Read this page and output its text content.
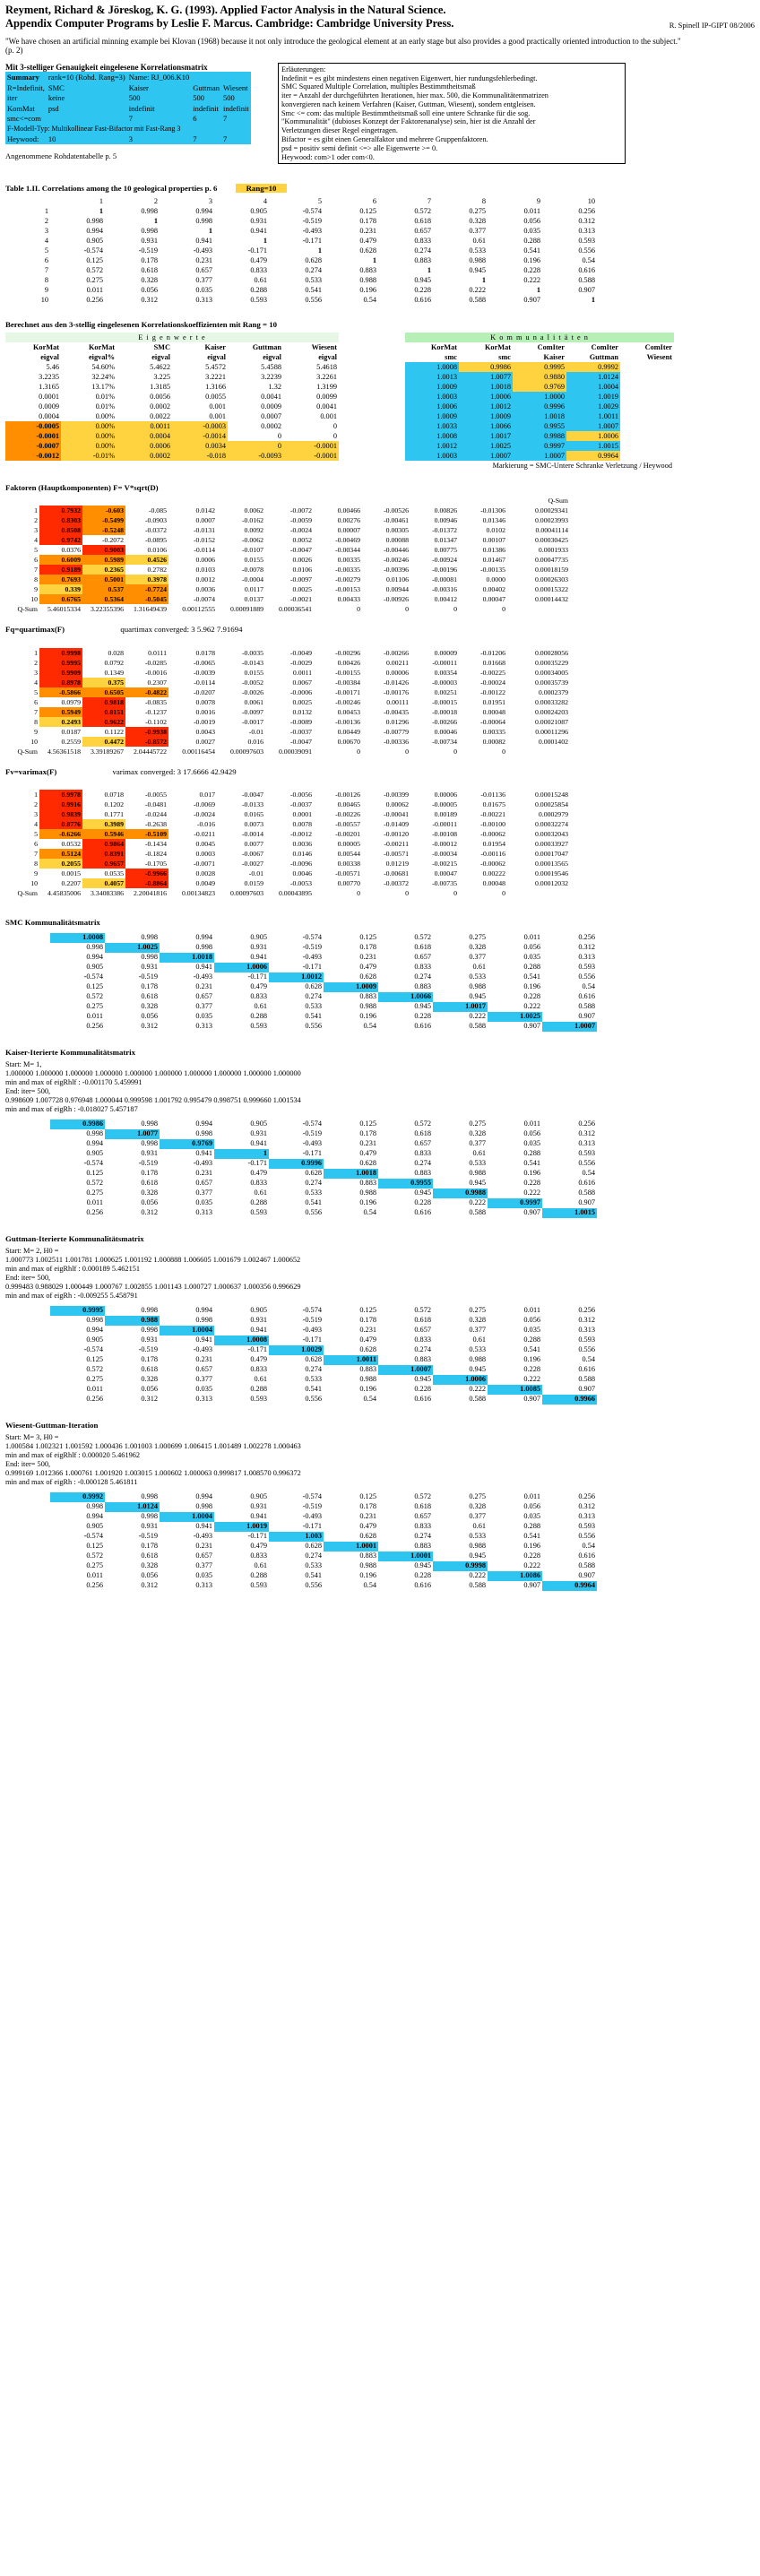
Reyment, Richard & Jöreskog, K. G. (1993). Applied Factor Analysis in the Natural Science.
Appendix Computer Programs by Leslie F. Marcus. Cambridge: Cambridge University Press.	R. Spinell IP-GIPT 08/2006
"We have chosen an artificial minning example bei Klovan (1968) because it not only introduce the geological element at an early stage but also provides a good practically oriented introduction to the subject." (p. 2)
Mit 3-stelliger Genauigkeit eingelesene Korrelationsmatrix
Summary	rank=10 (Rohd. Rang=3)	Name: RJ_006.K10		
R=Indefinit,	SMC	Kaiser	Guttman	Wiesent
iter	keine	500	500	500
KomMat	psd	indefinit	indefinit	indefinit
smc<=com		7	6	7
F-Modell-Typ: Multikollinear Fast-Bifactor mit Fast-Rang 3				
Heywood:	10	3	7	7
Angenommene Rohdatentabelle p. 5
Erläuterungen:
Indefinit = es gibt mindestens einen negativen Eigenwert, hier rundungsfehlerbedingt.
SMC Squared Multiple Correlation, multiples Bestimmtheitsmaß
iter = Anzahl der durchgeführten Iterationen, hier max. 500, die Kommunalitätenmatrizen
konvergieren nach keinem Verfahren (Kaiser, Guttman, Wiesent), sondern entgleisen.
Smc <= com: das multiple Bestimmtheitsmaß soll eine untere Schranke für die sog.
"Kommunalität" (dubioses Konzept der Faktorenanalyse) sein, hier ist die Anzahl der
Verletzungen dieser Regel eingetragen.
Bifactor = es gibt einen Generalfaktor und mehrere Gruppenfaktoren.
psd = positiv semi definit <=> alle Eigenwerte >= 0.
Heywood: com>1 oder com<0.
Table 1.II. Correlations among the 10 geological properties p. 6	Rang=10
	1	2	3	4	5	6	7	8	9	10
1	1	0.998	0.994	0.905	-0.574	0.125	0.572	0.275	0.011	0.256
2	0.998	1	0.998	0.931	-0.519	0.178	0.618	0.328	0.056	0.312
3	0.994	0.998	1	0.941	-0.493	0.231	0.657	0.377	0.035	0.313
4	0.905	0.931	0.941	1	-0.171	0.479	0.833	0.61	0.288	0.593
5	-0.574	-0.519	-0.493	-0.171	1	0.628	0.274	0.533	0.541	0.556
6	0.125	0.178	0.231	0.479	0.628	1	0.883	0.988	0.196	0.54
7	0.572	0.618	0.657	0.833	0.274	0.883	1	0.945	0.228	0.616
8	0.275	0.328	0.377	0.61	0.533	0.988	0.945	1	0.222	0.588
9	0.011	0.056	0.035	0.288	0.541	0.196	0.228	0.222	1	0.907
10	0.256	0.312	0.313	0.593	0.556	0.54	0.616	0.588	0.907	1
Berechnet aus den 3-stellig eingelesenen Korrelationskoeffizienten mit Rang = 10
E i g e n w e r t e							K o m m u n a l i t ä t e n				
KorMat	KorMat	SMC	Kaiser	Guttman	Wiesent		KorMat	KorMat	ComIter	ComIter	ComIter
eigval	eigval%	eigval	eigval	eigval	eigval		smc	smc	Kaiser	Guttman	Wiesent
5.46	54.60%	5.4622	5.4572	5.4588	5.4618		1.0008	0.9986	0.9995	0.9992	
3.2235	32.24%	3.225	3.2221	3.2239	3.2261		1.0013	1.0077	0.9880	1.0124	
1.3165	13.17%	1.3185	1.3166	1.32	1.3199		1.0009	1.0018	0.9769	1.0004	
0.0001	0.01%	0.0056	0.0055	0.0041	0.0099		1.0003	1.0006	1.0000	1.0019	
0.0009	0.01%	0.0002	0.001	0.0009	0.0041		1.0006	1.0012	0.9996	1.0029	
0.0004	0.00%	0.0022	0.001	0.0007	0.001		1.0009	1.0009	1.0018	1.0011	
-0.0005	0.00%	0.0011	-0.0003	0.0002	0		1.0033	1.0066	0.9955	1.0007	
-0.0001	0.00%	0.0004	-0.0014	0	0		1.0008	1.0017	0.9988	1.0006	
-0.0007	0.00%	0.0006	0.0034	0	-0.0001		1.0012	1.0025	0.9997	1.0015	
-0.0012	-0.01%	0.0002	-0.018	-0.0093	-0.0001		1.0003	1.0007	1.0007	0.9964	
							Markierung = SMC-Untere Schranke Verletzung / Heywood				
Faktoren (Hauptkomponenten) F= V*sqrt(D)
											Q-Sum
1	0.7932	-0.603	-0.085	0.0142	0.0062	-0.0072	0.00466	-0.00526	0.00826	-0.01306	0.00029341
2	0.8303	-0.5499	-0.0903	0.0007	-0.0162	-0.0059	0.00276	-0.00461	0.00946	0.01346	0.00023993
3	0.8508	-0.5248	-0.0372	-0.0131	0.0092	-0.0024	0.00007	0.00305	-0.01372	0.0102	0.00041114
4	0.9742	-0.2072	-0.0895	-0.0152	-0.0062	0.0052	-0.00469	0.00088	0.01347	0.00107	0.00030425
5	0.0376	0.9003	0.0106	-0.0114	-0.0107	-0.0047	-0.00344	-0.00446	0.00775	0.01386	0.0001933
6	0.6009	0.5989	0.4526	0.0006	0.0155	0.0026	0.00335	-0.00246	-0.00924	0.01467	0.00047735
7	0.9189	0.2365	0.2782	0.0103	-0.0078	0.0106	-0.00335	-0.00396	-0.00196	-0.00135	0.00018159
8	0.7693	0.5001	0.3978	0.0012	-0.0004	-0.0097	-0.00279	0.01106	-0.00081	0.0000	0.00026303
9	0.339	0.537	-0.7724	0.0036	0.0117	0.0025	-0.00153	0.00944	-0.00316	0.00402	0.00015322
10	0.6765	0.5364	-0.5045	-0.0074	0.0137	-0.0021	0.00433	-0.00926	0.00412	0.00047	0.00014432
Q-Sum	5.46015334	3.22355396	1.31649439	0.00112555	0.00091889	0.00036541	0	0	0	0	
Fq=quartimax(F)	quartimax converged: 3 5.962 7.91694

1	0.9998	0.028	0.0111	0.0178	-0.0035	-0.0049	-0.00296	-0.00266	0.00009	-0.01206	0.00028056
2	0.9995	0.0792	-0.0285	-0.0065	-0.0143	-0.0029	0.00426	0.00211	-0.00011	0.01668	0.00035229
3	0.9909	0.1349	-0.0016	-0.0039	0.0155	0.0011	-0.00155	0.00006	0.00354	-0.00225	0.00034005
4	0.8978	0.375	0.2307	-0.0114	-0.0052	0.0067	-0.00384	-0.01426	-0.00003	-0.00024	0.00035739
5	-0.5866	0.6505	-0.4822	-0.0207	-0.0026	-0.0006	-0.00171	-0.00176	0.00251	-0.00122	0.0002379
6	0.0979	0.9818	-0.0835	0.0078	0.0061	0.0025	-0.00246	0.00111	-0.00015	0.01951	0.00033282
7	0.5949	0.8151	-0.1237	0.0016	-0.0097	0.0132	0.00453	-0.00435	-0.00018	0.00048	0.00024203
8	0.2493	0.9622	-0.1102	-0.0019	-0.0017	-0.0089	-0.00136	0.01296	-0.00266	-0.00064	0.00021087
9	0.0187	0.1122	-0.9938	0.0043	-0.01	-0.0037	0.00449	-0.00779	0.00046	0.00335	0.00011296
10	0.2559	0.4472	-0.8572	0.0027	0.016	-0.0047	0.00670	-0.00336	-0.00734	0.00082	0.0001402
Q-Sum	4.56361518	3.39189267	2.04445722	0.00116454	0.00097603	0.00039091	0	0	0	0	
Fv=varimax(F)	varimax converged: 3 17.6666 42.9429

1	0.9978	0.0718	-0.0055	0.017	-0.0047	-0.0056	-0.00126	-0.00399	0.00006	-0.01136	0.00015248
2	0.9916	0.1202	-0.0481	-0.0069	-0.0133	-0.0037	0.00465	0.00062	-0.00005	0.01675	0.00025854
3	0.9839	0.1771	-0.0244	-0.0024	0.0165	0.0001	-0.00226	-0.00041	0.00189	-0.00221	0.0002979
4	0.8776	0.3989	-0.2638	-0.016	0.0073	0.0078	-0.00557	-0.01409	-0.00011	-0.00100	0.00032274
5	-0.6266	0.5946	-0.5109	-0.0211	-0.0014	-0.0012	-0.00201	-0.00120	-0.00108	-0.00062	0.00032043
6	0.0532	0.9864	-0.1434	0.0045	0.0077	0.0036	0.00005	-0.00211	-0.00012	0.01954	0.00033927
7	0.5124	0.8391	-0.1824	0.0003	-0.0067	0.0146	0.00544	-0.00571	-0.00034	-0.00116	0.00017047
8	0.2055	0.9657	-0.1705	-0.0071	-0.0027	-0.0096	0.00338	0.01219	-0.00215	-0.00062	0.00013565
9	0.0015	0.0535	-0.9966	0.0028	-0.01	0.0046	-0.00571	-0.00681	0.00047	0.00222	0.00019546
10	0.2207	0.4057	-0.8864	0.0049	0.0159	-0.0053	0.00770	-0.00372	-0.00735	0.00048	0.00012032
Q-Sum	4.45835006	3.34083386	2.20041816	0.00134823	0.00097603	0.00043895	0	0	0	0	
SMC Kommunalitätsmatrix
	1.0008	0.998	0.994	0.905	-0.574	0.125	0.572	0.275	0.011	0.256
	0.998	1.0025	0.998	0.931	-0.519	0.178	0.618	0.328	0.056	0.312
	0.994	0.998	1.0018	0.941	-0.493	0.231	0.657	0.377	0.035	0.313
	0.905	0.931	0.941	1.0006	-0.171	0.479	0.833	0.61	0.288	0.593
	-0.574	-0.519	-0.493	-0.171	1.0012	0.628	0.274	0.533	0.541	0.556
	0.125	0.178	0.231	0.479	0.628	1.0009	0.883	0.988	0.196	0.54
	0.572	0.618	0.657	0.833	0.274	0.883	1.0066	0.945	0.228	0.616
	0.275	0.328	0.377	0.61	0.533	0.988	0.945	1.0017	0.222	0.588
	0.011	0.056	0.035	0.288	0.541	0.196	0.228	0.222	1.0025	0.907
	0.256	0.312	0.313	0.593	0.556	0.54	0.616	0.588	0.907	1.0007
Kaiser-Iterierte Kommunalitätsmatrix
Start: M= 1,
1.000000 1.000000 1.000000 1.000000 1.000000 1.000000 1.000000 1.000000 1.000000 1.000000
min and max of eigRhlf : -0.001170 5.459991
End: iter= 500,
0.998609 1.007728 0.976948 1.000044 0.999598 1.001792 0.995479 0.998751 0.999660 1.001534
min and max of eigRh : -0.018027 5.457187
	0.9986	0.998	0.994	0.905	-0.574	0.125	0.572	0.275	0.011	0.256
	0.998	1.0077	0.998	0.931	-0.519	0.178	0.618	0.328	0.056	0.312
	0.994	0.998	0.9769	0.941	-0.493	0.231	0.657	0.377	0.035	0.313
	0.905	0.931	0.941	1	-0.171	0.479	0.833	0.61	0.288	0.593
	-0.574	-0.519	-0.493	-0.171	0.9996	0.628	0.274	0.533	0.541	0.556
	0.125	0.178	0.231	0.479	0.628	1.0018	0.883	0.988	0.196	0.54
	0.572	0.618	0.657	0.833	0.274	0.883	0.9955	0.945	0.228	0.616
	0.275	0.328	0.377	0.61	0.533	0.988	0.945	0.9988	0.222	0.588
	0.011	0.056	0.035	0.288	0.541	0.196	0.228	0.222	0.9997	0.907
	0.256	0.312	0.313	0.593	0.556	0.54	0.616	0.588	0.907	1.0015
Guttman-Iterierte Kommunalitätsmatrix
Start: M= 2, H0 =
1.000773 1.002511 1.001781 1.000625 1.001192 1.000888 1.006605 1.001679 1.002467 1.000652
min and max of eigRhlf : 0.000189 5.462151
End: iter= 500,
0.999483 0.988029 1.000449 1.000767 1.002855 1.001143 1.000727 1.000637 1.000356 0.996629
min and max of eigRh : -0.009255 5.458791
	0.9995	0.998	0.994	0.905	-0.574	0.125	0.572	0.275	0.011	0.256
	0.998	0.988	0.998	0.931	-0.519	0.178	0.618	0.328	0.056	0.312
	0.994	0.998	1.0004	0.941	-0.493	0.231	0.657	0.377	0.035	0.313
	0.905	0.931	0.941	1.0008	-0.171	0.479	0.833	0.61	0.288	0.593
	-0.574	-0.519	-0.493	-0.171	1.0029	0.628	0.274	0.533	0.541	0.556
	0.125	0.178	0.231	0.479	0.628	1.0011	0.883	0.988	0.196	0.54
	0.572	0.618	0.657	0.833	0.274	0.883	1.0007	0.945	0.228	0.616
	0.275	0.328	0.377	0.61	0.533	0.988	0.945	1.0006	0.222	0.588
	0.011	0.056	0.035	0.288	0.541	0.196	0.228	0.222	1.0085	0.907
	0.256	0.312	0.313	0.593	0.556	0.54	0.616	0.588	0.907	0.9966
Wiesent-Guttman-Iteration
Start: M= 3, H0 =
1.000584 1.002321 1.001592 1.000436 1.001003 1.000699 1.006415 1.001489 1.002278 1.000463
min and max of eigRhlf : 0.000020 5.461962
End: iter= 500,
0.999169 1.012366 1.000761 1.001920 1.003015 1.000602 1.000063 0.999817 1.008570 0.996372
min and max of eigRh : -0.000128 5.461811
	0.9992	0.998	0.994	0.905	-0.574	0.125	0.572	0.275	0.011	0.256
	0.998	1.0124	0.998	0.931	-0.519	0.178	0.618	0.328	0.056	0.312
	0.994	0.998	1.0004	0.941	-0.493	0.231	0.657	0.377	0.035	0.313
	0.905	0.931	0.941	1.0019	-0.171	0.479	0.833	0.61	0.288	0.593
	-0.574	-0.519	-0.493	-0.171	1.003	0.628	0.274	0.533	0.541	0.556
	0.125	0.178	0.231	0.479	0.628	1.0001	0.883	0.988	0.196	0.54
	0.572	0.618	0.657	0.833	0.274	0.883	1.0001	0.945	0.228	0.616
	0.275	0.328	0.377	0.61	0.533	0.988	0.945	0.9998	0.222	0.588
	0.011	0.056	0.035	0.288	0.541	0.196	0.228	0.222	1.0086	0.907
	0.256	0.312	0.313	0.593	0.556	0.54	0.616	0.588	0.907	0.9964
